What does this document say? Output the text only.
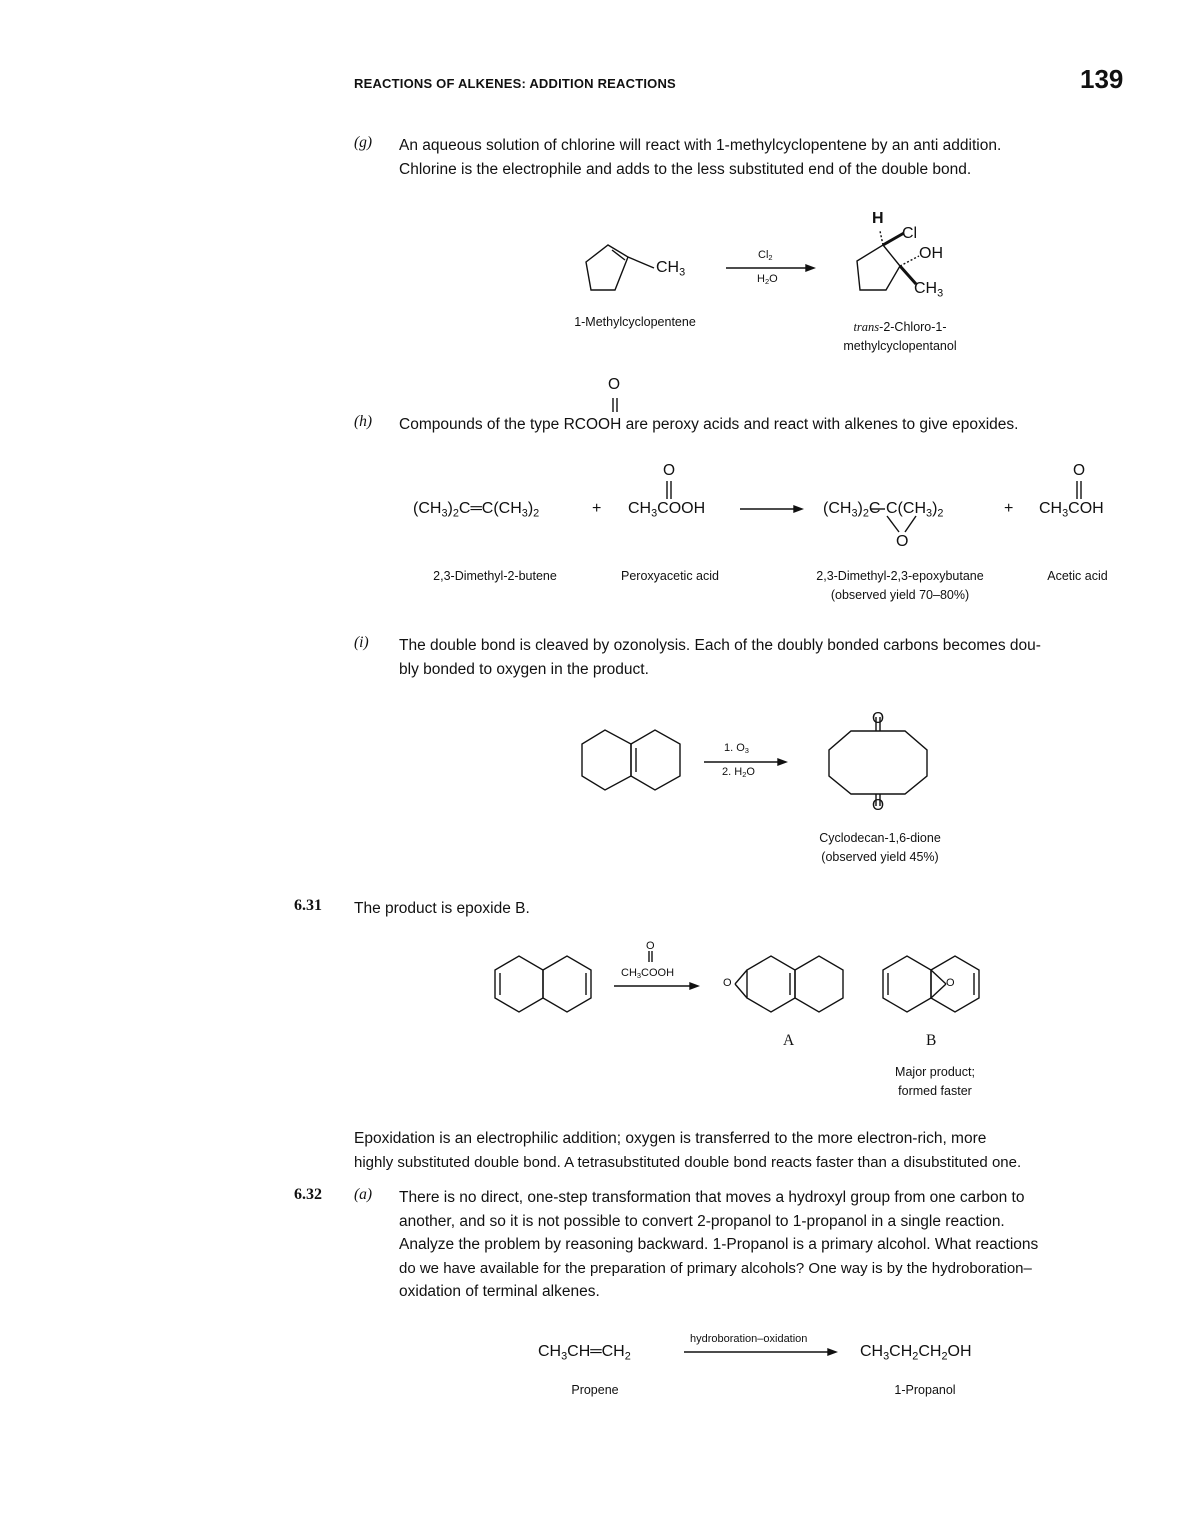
REACTIONS OF ALKENES: ADDITION REACTIONS	139
(g) An aqueous solution of chlorine will react with 1-methylcyclopentene by an anti addition.
Chlorine is the electrophile and adds to the less substituted end of the double bond.
$CH_3$
$Cl_2$
$H_2O$
H
Cl
OH
$CH_3$
1-Methylcyclopentene	trans-2-Chloro-1-
methylcyclopentanol
O
(h) Compounds of the type RCOOH are peroxy acids and react with alkenes to give epoxides.
O	O
$(CH_3)_2C═C(CH_3)_2$	+ $CH_3COOH$	$(CH_3)_2C$ $C(CH_3)_2$
O
+ $CH_3COH$
2,3-Dimethyl-2-butene	Peroxyacetic acid	2,3-Dimethyl-2,3-epoxybutane
(observed yield 70–80%)
Acetic acid
(i) The double bond is cleaved by ozonolysis. Each of the doubly bonded carbons becomes dou-
bly bonded to oxygen in the product.
1. $O_3$
2. $H_2O$
O
O
Cyclodecan-1,6-dione
(observed yield 45%)
6.31 The product is epoxide B.
O
$CH_3COOH$
O	O
A	B
Major product;
formed faster
Epoxidation is an electrophilic addition; oxygen is transferred to the more electron-rich, more
highly substituted double bond. A tetrasubstituted double bond reacts faster than a disubstituted one.
6.32 (a) There is no direct, one-step transformation that moves a hydroxyl group from one carbon to
another, and so it is not possible to convert 2-propanol to 1-propanol in a single reaction.
Analyze the problem by reasoning backward. 1-Propanol is a primary alcohol. What reactions
do we have available for the preparation of primary alcohols? One way is by the hydroboration–
oxidation of terminal alkenes.
hydroboration–oxidation
$CH_3CH═CH_2$	$CH_3CH_2CH_2OH$
Propene	1-Propanol
